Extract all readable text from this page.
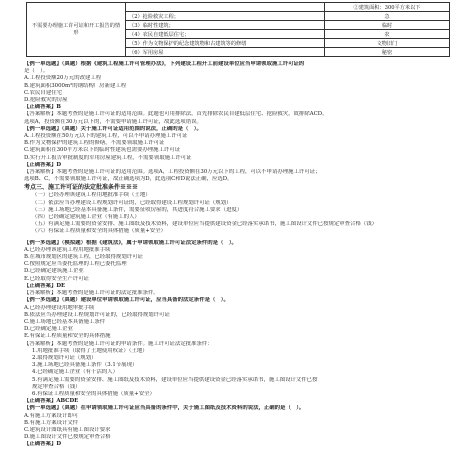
不需要办理施工许可证和开工报告的情形		②建筑面积：300平方米以下
	（2）抢险救灾工程；	急
	（3）临时性建筑；	临时
	（4）农民自建低层住宅；	农
	（5）作为文物保护的纪念建筑物和古建筑等的修缮	文物旧门
	（6）军用房屋	秘密
【例一单选题】（真题）根据《建筑工程施工许可管理办法》，下列建设工程开工前建设单位应当申请领取施工许可证的
是（　）。
A.工程投资额20万元的改建工程
B.建筑面积3000m²的钢结构厂房新建工程
C.农民自建住宅
D.抢险救灾的房屋
【正确答案】B
【答案解析】本题考查的是施工许可证的适用范围。此题也可用排除法，首先排除农民自建低层住宅、抢险救灾，故排除ACD。
选项A，投资额在30万元以下的，不需要申请施工许可证，故此选项错误。
【例一单选题】（真题）关于施工许可证适用范围的说法，正确的是（　）。
A.工程投资额在50万元以下的建筑工程，可以不申请办理施工许可证
B.作为文物保护的建筑工程的修缮，不需要领取施工许可证
C.建筑面积在300平方米以下的临时性建筑也需要办理施工许可证
D.实行开工报告审批制度的军用房屋建筑工程，不需要领取施工许可证
【正确答案】D
【答案解析】本题考查的是施工许可证的适用范围。选项A，工程投资额在30万元以下的工程，可以不申请办理施工许可证；
选项B、C，不需要领取施工许可证，故正确选项为D，此选项C和D说法正确，应选D。
考点三、施工许可证的法定批准条件※※※
（一）已经办理该建筑工程用地批准手续（土地）
（二）依法应当办理建设工程规划许可证的，已经取得建设工程规划许可证（规划）
（三）施工场地已经基本具备施工条件，需要征收房屋的，其进度符合施工要求（进度）
（四）已经确定建筑施工企业（有施工的人）
（五）有满足施工需要的资金安排、施工图纸及技术资料，建设单位应当提供建设资金已经落实承诺书，施工图设计文件已按规定审查合格（钱）
（六）有保证工程质量和安全的具体措施（质量+安全）
【例一多选题】（模拟题）根据《建筑法》，属于申请领取施工许可证法定条件的是（　）。
A.已经办理该建筑工程用地批准手续
B.在城市规划区的建筑工程，已经取得规划许可证
C.按照规定应当委托监理的工程已委托监理
D.已经确定建筑施工企业
E.已经取得安全生产许可证
【正确答案】DE
【答案解析】本题考查的是施工许可证的法定批准条件。
【例一多选题】（真题）建设单位申请领取施工许可证，应当具备的法定条件是（　）。
A.已经办理建设用地审批手续
B.依法应当办理建设工程规划许可证的，已经取得规划许可证
C.施工场地已经基本具备施工条件
D.已经确定施工企业
E.有保证工程质量和安全的具体措施
【答案解析】本题考查的是施工许可证的申请条件。施工许可证法定批准条件：
1.用地批准手续（取得了土地使用权证）（土地）
2.取得规划许可证（规划）
3.施工场地已经具备施工条件（3.1节展现）
4.已经确定施工企业（有干活的人）
5.有满足施工需要的资金安排、施工图纸及技术资料，建设单位应当提供建设资金已经落实承诺书，施工图设计文件已按
规定审查合格（钱）
6.有保证工程质量和安全的具体措施（质量+安全）
【正确答案】ABCDE
【例一单选题】（真题）在申请领取施工许可证应当具备的条件中，关于施工图纸及技术资料的说法，正确的是（　）。
A.有施工方案设计即可
B.有施工方案设计文件
C.建筑设计图纸具有施工图设计要求
D.施工图设计文件已按规定审查合格
【正确答案】D
